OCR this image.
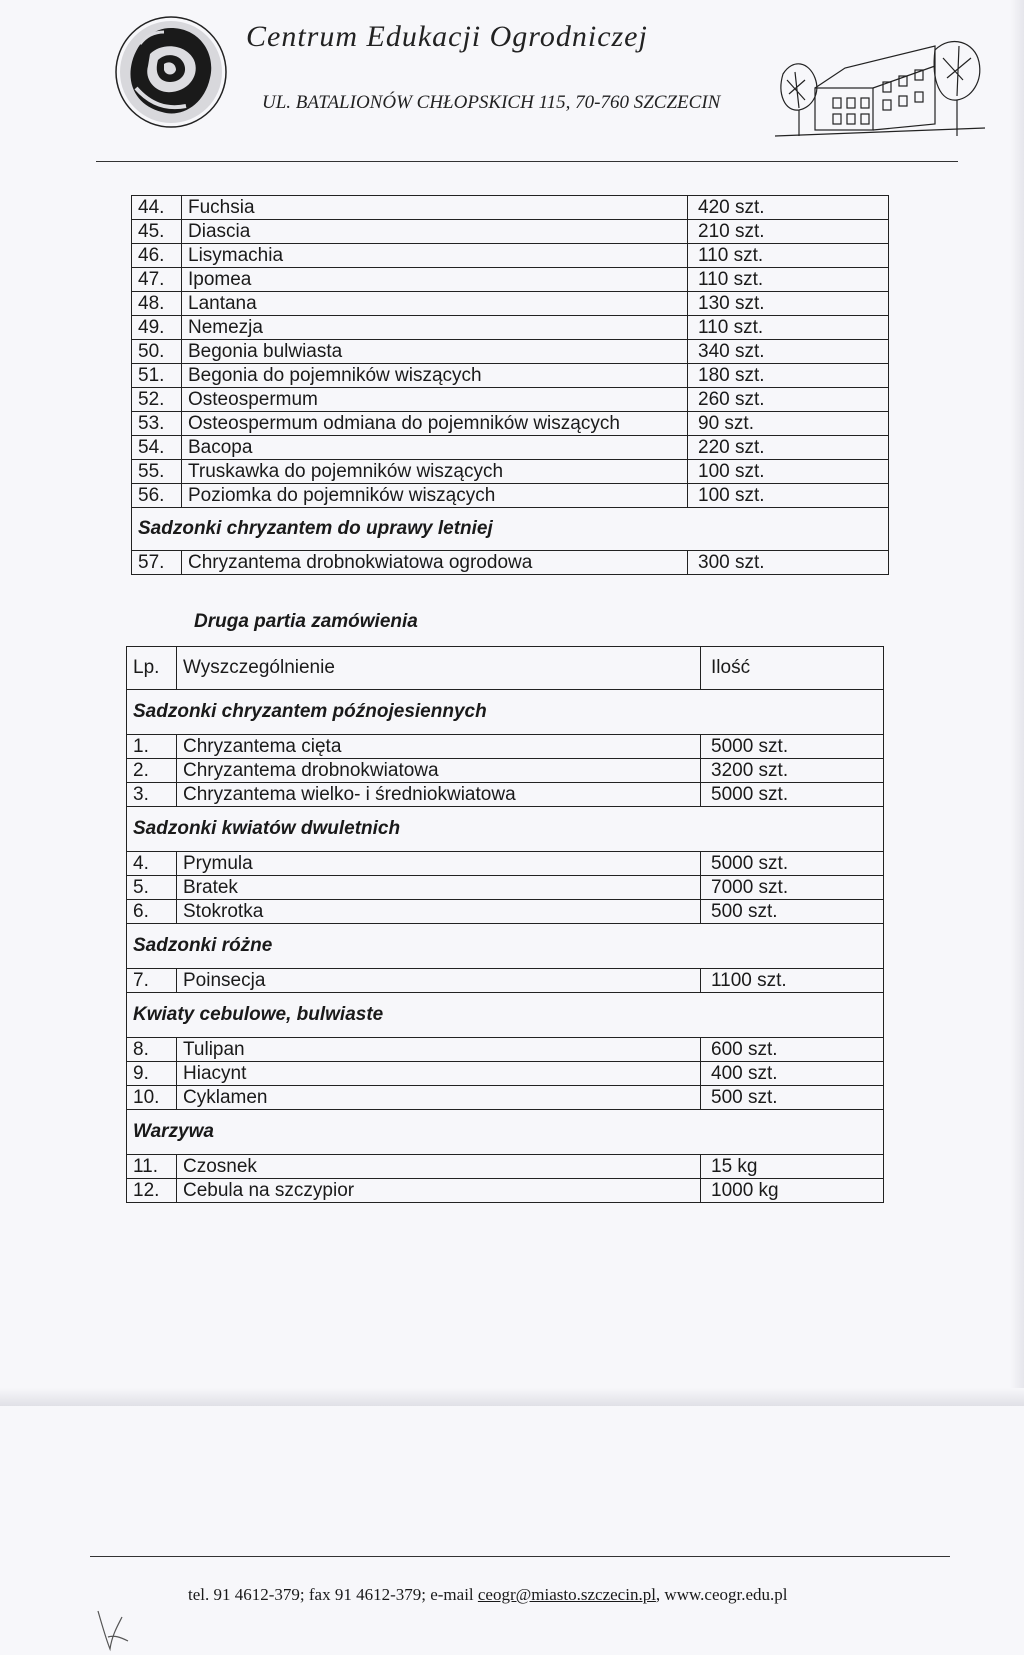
Centrum Edukacji Ogrodniczej
UL. BATALIONÓW CHŁOPSKICH 115, 70-760 SZCZECIN
44.	Fuchsia	420 szt.
45.	Diascia	210 szt.
46.	Lisymachia	110 szt.
47.	Ipomea	110 szt.
48.	Lantana	130 szt.
49.	Nemezja	110 szt.
50.	Begonia bulwiasta	340 szt.
51.	Begonia do pojemników wiszących	180 szt.
52.	Osteospermum	260 szt.
53.	Osteospermum odmiana do pojemników wiszących	90 szt.
54.	Bacopa	220 szt.
55.	Truskawka do pojemników wiszących	100 szt.
56.	Poziomka do pojemników wiszących	100 szt.
Sadzonki chryzantem do uprawy letniej		
57.	Chryzantema drobnokwiatowa ogrodowa	300 szt.
Druga partia zamówienia
Lp.	Wyszczególnienie	Ilość
Sadzonki chryzantem późnojesiennych		
1.	Chryzantema cięta	5000 szt.
2.	Chryzantema drobnokwiatowa	3200 szt.
3.	Chryzantema wielko- i średniokwiatowa	5000 szt.
Sadzonki kwiatów dwuletnich		
4.	Prymula	5000 szt.
5.	Bratek	7000 szt.
6.	Stokrotka	500 szt.
Sadzonki różne		
7.	Poinsecja	1100 szt.
Kwiaty cebulowe, bulwiaste		
8.	Tulipan	600 szt.
9.	Hiacynt	400 szt.
10.	Cyklamen	500 szt.
Warzywa		
11.	Czosnek	15 kg
12.	Cebula na szczypior	1000 kg
tel. 91 4612-379; fax 91 4612-379; e-mail ceogr@miasto.szczecin.pl, www.ceogr.edu.pl
